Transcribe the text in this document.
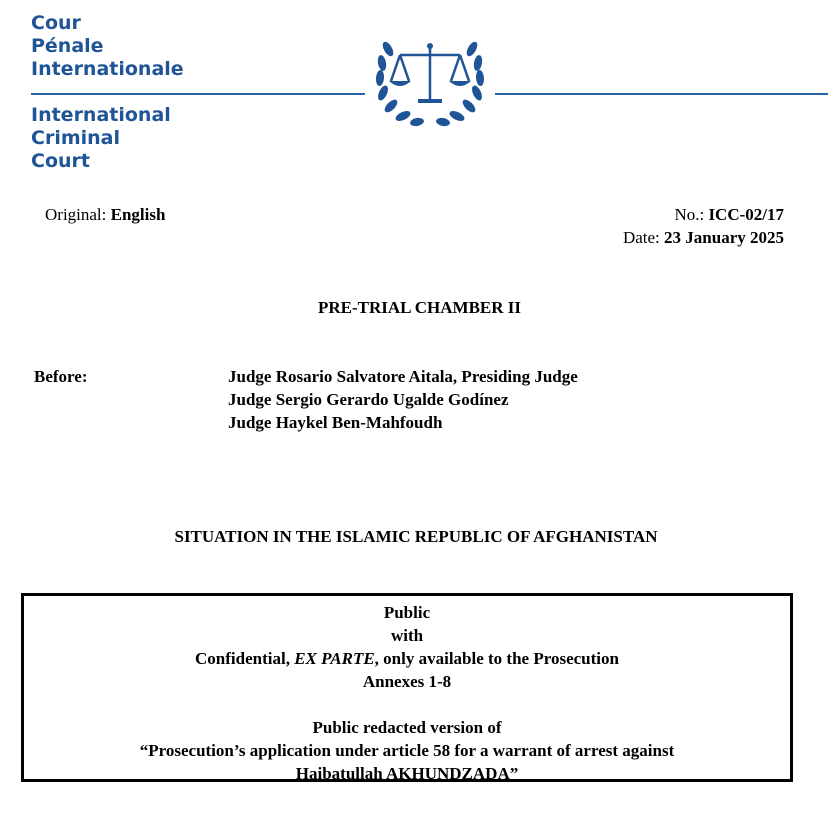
Cour
Pénale
Internationale
International
Criminal
Court
Original: English	No.: ICC-02/17
Date: 23 January 2025
PRE-TRIAL CHAMBER II
Before:	Judge Rosario Salvatore Aitala, Presiding Judge
Judge Sergio Gerardo Ugalde Godínez
Judge Haykel Ben-Mahfoudh
SITUATION IN THE ISLAMIC REPUBLIC OF AFGHANISTAN
Public
with
Confidential, EX PARTE, only available to the Prosecution
Annexes 1-8
Public redacted version of
“Prosecution’s application under article 58 for a warrant of arrest against
Haibatullah AKHUNDZADA”
